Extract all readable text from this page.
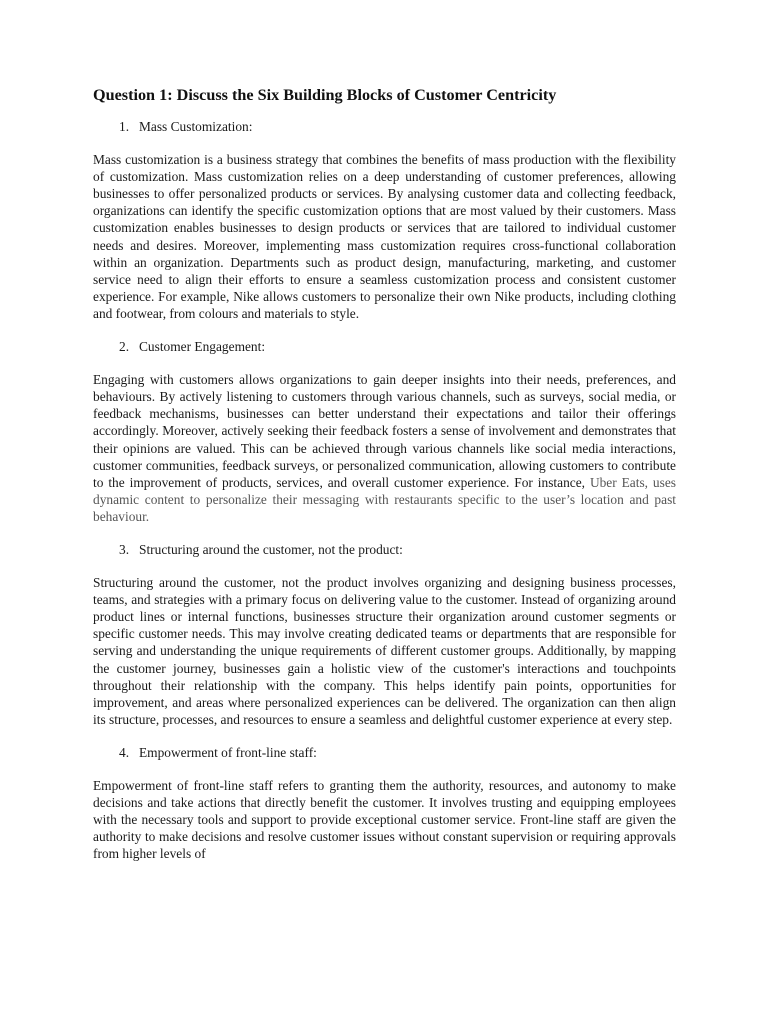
Question 1: Discuss the Six Building Blocks of Customer Centricity
1. Mass Customization:

Mass customization is a business strategy that combines the benefits of mass production with the flexibility of customization. Mass customization relies on a deep understanding of customer preferences, allowing businesses to offer personalized products or services. By analysing customer data and collecting feedback, organizations can identify the specific customization options that are most valued by their customers. Mass customization enables businesses to design products or services that are tailored to individual customer needs and desires. Moreover, implementing mass customization requires cross-functional collaboration within an organization. Departments such as product design, manufacturing, marketing, and customer service need to align their efforts to ensure a seamless customization process and consistent customer experience. For example, Nike allows customers to personalize their own Nike products, including clothing and footwear, from colours and materials to style.

2. Customer Engagement:

Engaging with customers allows organizations to gain deeper insights into their needs, preferences, and behaviours. By actively listening to customers through various channels, such as surveys, social media, or feedback mechanisms, businesses can better understand their expectations and tailor their offerings accordingly. Moreover, actively seeking their feedback fosters a sense of involvement and demonstrates that their opinions are valued. This can be achieved through various channels like social media interactions, customer communities, feedback surveys, or personalized communication, allowing customers to contribute to the improvement of products, services, and overall customer experience. For instance, Uber Eats, uses dynamic content to personalize their messaging with restaurants specific to the user’s location and past behaviour.

3. Structuring around the customer, not the product:

Structuring around the customer, not the product involves organizing and designing business processes, teams, and strategies with a primary focus on delivering value to the customer. Instead of organizing around product lines or internal functions, businesses structure their organization around customer segments or specific customer needs. This may involve creating dedicated teams or departments that are responsible for serving and understanding the unique requirements of different customer groups. Additionally, by mapping the customer journey, businesses gain a holistic view of the customer's interactions and touchpoints throughout their relationship with the company. This helps identify pain points, opportunities for improvement, and areas where personalized experiences can be delivered. The organization can then align its structure, processes, and resources to ensure a seamless and delightful customer experience at every step.

4. Empowerment of front-line staff:

Empowerment of front-line staff refers to granting them the authority, resources, and autonomy to make decisions and take actions that directly benefit the customer. It involves trusting and equipping employees with the necessary tools and support to provide exceptional customer service. Front-line staff are given the authority to make decisions and resolve customer issues without constant supervision or requiring approvals from higher levels of
